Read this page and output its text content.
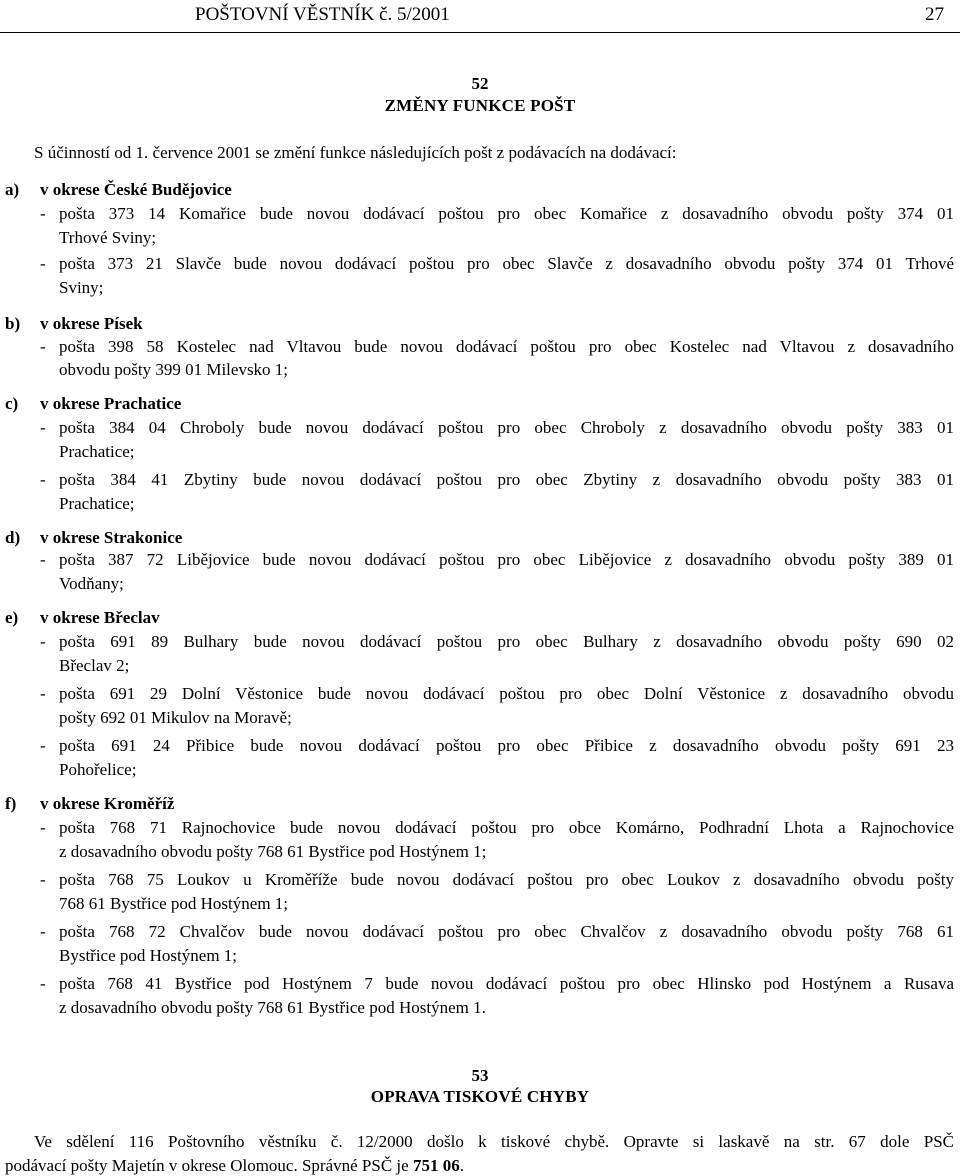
POŠTOVNÍ VĚSTNÍK č. 5/2001	27
52
ZMĚNY FUNKCE POŠT
S účinností od 1. července 2001 se změní funkce následujících pošt z podávacích na dodávací:
a) v okrese České Budějovice
- pošta 373 14 Komařice bude novou dodávací poštou pro obec Komařice z dosavadního obvodu pošty 374 01
Trhové Sviny;
- pošta 373 21 Slavče bude novou dodávací poštou pro obec Slavče z dosavadního obvodu pošty 374 01 Trhové
Sviny;
b) v okrese Písek
- pošta 398 58 Kostelec nad Vltavou bude novou dodávací poštou pro obec Kostelec nad Vltavou z dosavadního
obvodu pošty 399 01 Milevsko 1;
c) v okrese Prachatice
- pošta 384 04 Chroboly bude novou dodávací poštou pro obec Chroboly z dosavadního obvodu pošty 383 01
Prachatice;
- pošta 384 41 Zbytiny bude novou dodávací poštou pro obec Zbytiny z dosavadního obvodu pošty 383 01
Prachatice;
d) v okrese Strakonice
- pošta 387 72 Libějovice bude novou dodávací poštou pro obec Libějovice z dosavadního obvodu pošty 389 01
Vodňany;
e) v okrese Břeclav
- pošta 691 89 Bulhary bude novou dodávací poštou pro obec Bulhary z dosavadního obvodu pošty 690 02
Břeclav 2;
- pošta 691 29 Dolní Věstonice bude novou dodávací poštou pro obec Dolní Věstonice z dosavadního obvodu
pošty 692 01 Mikulov na Moravě;
- pošta 691 24 Přibice bude novou dodávací poštou pro obec Přibice z dosavadního obvodu pošty 691 23
Pohořelice;
f) v okrese Kroměříž
- pošta 768 71 Rajnochovice bude novou dodávací poštou pro obce Komárno, Podhradní Lhota a Rajnochovice
z dosavadního obvodu pošty 768 61 Bystřice pod Hostýnem 1;
- pošta 768 75 Loukov u Kroměříže bude novou dodávací poštou pro obec Loukov z dosavadního obvodu pošty
768 61 Bystřice pod Hostýnem 1;
- pošta 768 72 Chvalčov bude novou dodávací poštou pro obec Chvalčov z dosavadního obvodu pošty 768 61
Bystřice pod Hostýnem 1;
- pošta 768 41 Bystřice pod Hostýnem 7 bude novou dodávací poštou pro obec Hlinsko pod Hostýnem a Rusava
z dosavadního obvodu pošty 768 61 Bystřice pod Hostýnem 1.
53
OPRAVA TISKOVÉ CHYBY
Ve sdělení 116 Poštovního věstníku č. 12/2000 došlo k tiskové chybě. Opravte si laskavě na str. 67 dole PSČ
podávací pošty Majetín v okrese Olomouc. Správné PSČ je 751 06.
